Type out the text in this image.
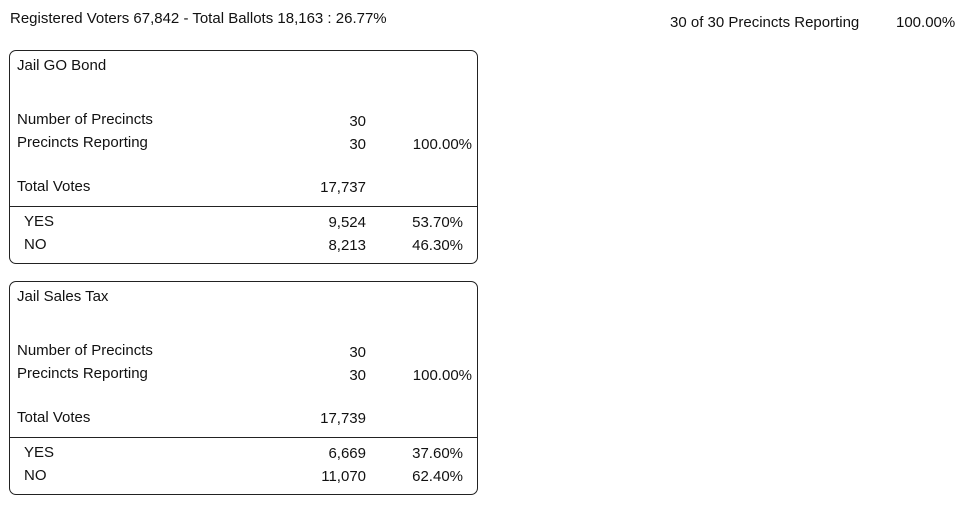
Registered Voters 67,842 - Total Ballots 18,163 : 26.77%	30 of 30 Precincts Reporting 100.00%
Jail GO Bond
Number of Precincts	30
Precincts Reporting	30	100.00%
Total Votes	17,737
YES	9,524	53.70%
NO	8,213	46.30%
Jail Sales Tax
Number of Precincts	30
Precincts Reporting	30	100.00%
Total Votes	17,739
YES	6,669	37.60%
NO	11,070	62.40%
